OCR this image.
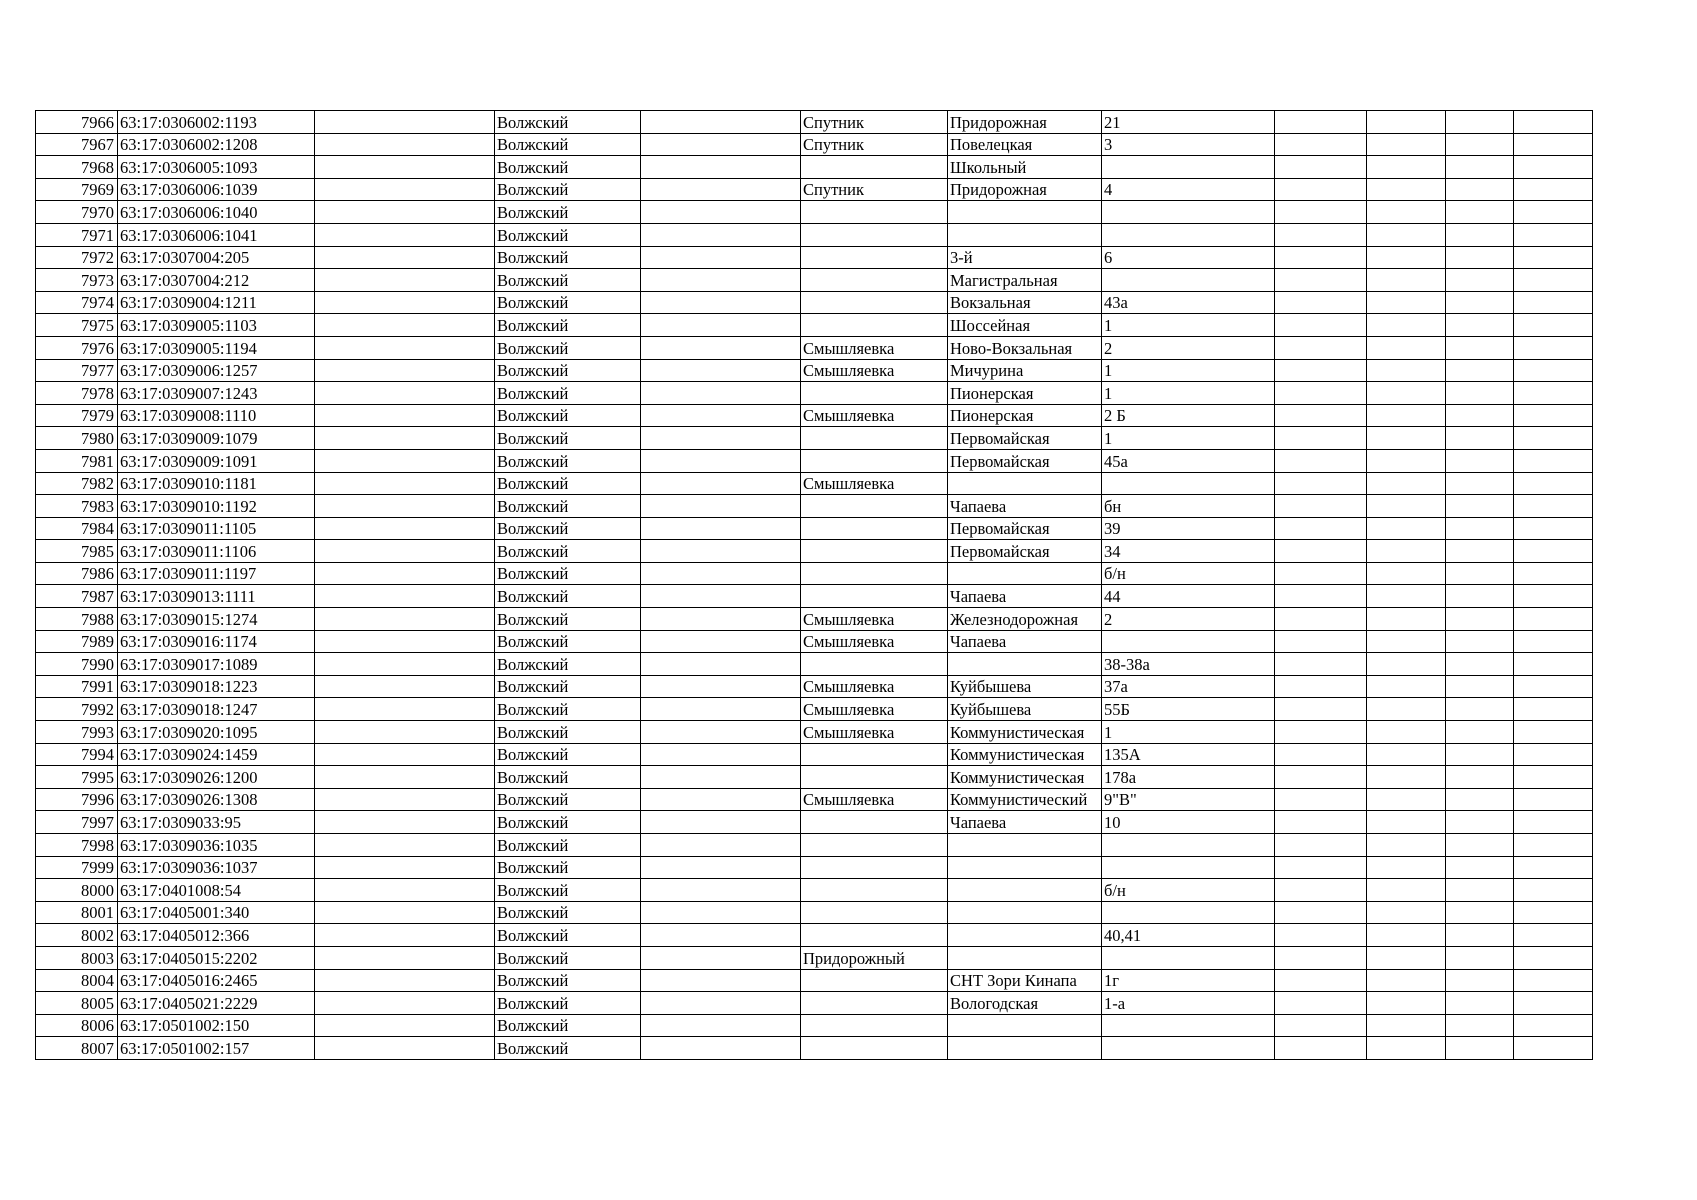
7966	63:17:0306002:1193		Волжский		Спутник	Придорожная	21				
7967	63:17:0306002:1208		Волжский		Спутник	Повелецкая	3				
7968	63:17:0306005:1093		Волжский			Школьный					
7969	63:17:0306006:1039		Волжский		Спутник	Придорожная	4				
7970	63:17:0306006:1040		Волжский								
7971	63:17:0306006:1041		Волжский								
7972	63:17:0307004:205		Волжский			3-й	6				
7973	63:17:0307004:212		Волжский			Магистральная					
7974	63:17:0309004:1211		Волжский			Вокзальная	43а				
7975	63:17:0309005:1103		Волжский			Шоссейная	1				
7976	63:17:0309005:1194		Волжский		Смышляевка	Ново-Вокзальная	2				
7977	63:17:0309006:1257		Волжский		Смышляевка	Мичурина	1				
7978	63:17:0309007:1243		Волжский			Пионерская	1				
7979	63:17:0309008:1110		Волжский		Смышляевка	Пионерская	2 Б				
7980	63:17:0309009:1079		Волжский			Первомайская	1				
7981	63:17:0309009:1091		Волжский			Первомайская	45а				
7982	63:17:0309010:1181		Волжский		Смышляевка						
7983	63:17:0309010:1192		Волжский			Чапаева	бн				
7984	63:17:0309011:1105		Волжский			Первомайская	39				
7985	63:17:0309011:1106		Волжский			Первомайская	34				
7986	63:17:0309011:1197		Волжский				б/н				
7987	63:17:0309013:1111		Волжский			Чапаева	44				
7988	63:17:0309015:1274		Волжский		Смышляевка	Железнодорожная	2				
7989	63:17:0309016:1174		Волжский		Смышляевка	Чапаева					
7990	63:17:0309017:1089		Волжский				38-38а				
7991	63:17:0309018:1223		Волжский		Смышляевка	Куйбышева	37а				
7992	63:17:0309018:1247		Волжский		Смышляевка	Куйбышева	55Б				
7993	63:17:0309020:1095		Волжский		Смышляевка	Коммунистическая	1				
7994	63:17:0309024:1459		Волжский			Коммунистическая	135А				
7995	63:17:0309026:1200		Волжский			Коммунистическая	178а				
7996	63:17:0309026:1308		Волжский		Смышляевка	Коммунистический	9"В"				
7997	63:17:0309033:95		Волжский			Чапаева	10				
7998	63:17:0309036:1035		Волжский								
7999	63:17:0309036:1037		Волжский								
8000	63:17:0401008:54		Волжский				б/н				
8001	63:17:0405001:340		Волжский								
8002	63:17:0405012:366		Волжский				40,41				
8003	63:17:0405015:2202		Волжский		Придорожный						
8004	63:17:0405016:2465		Волжский			СНТ Зори Кинапа	1г				
8005	63:17:0405021:2229		Волжский			Вологодская	1-а				
8006	63:17:0501002:150		Волжский								
8007	63:17:0501002:157		Волжский								
